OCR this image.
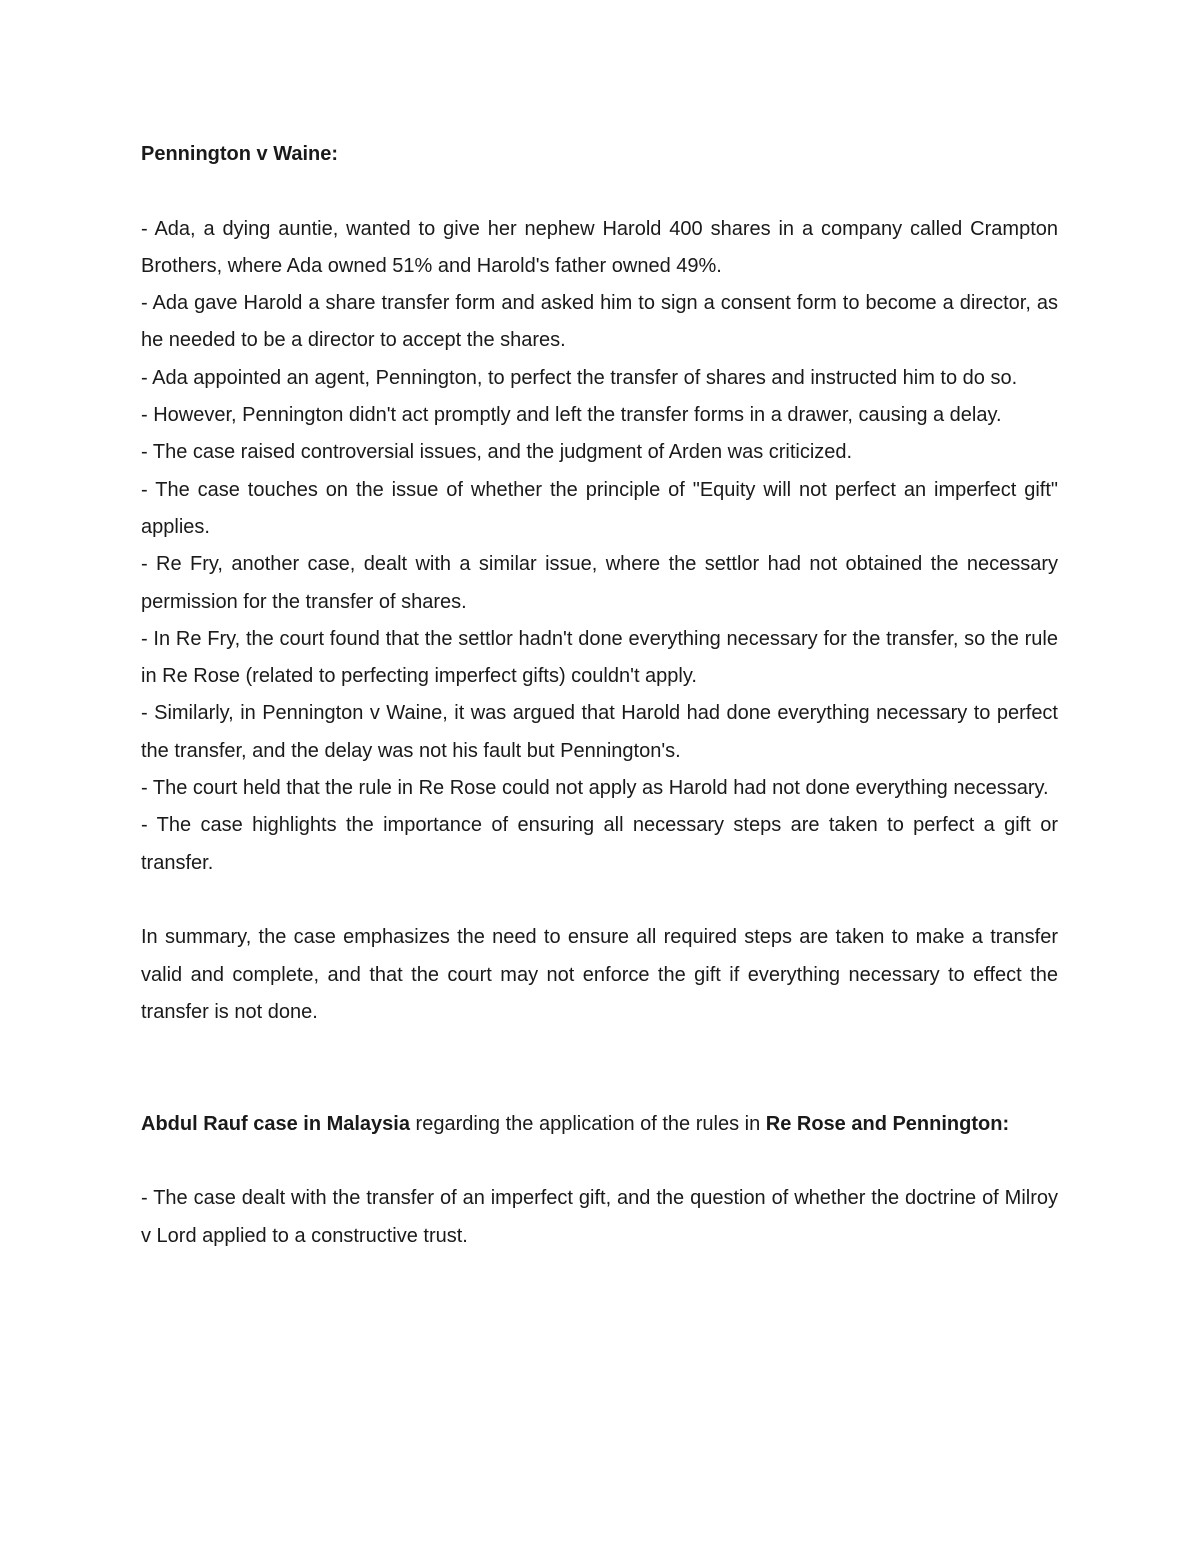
Pennington v Waine:

- Ada, a dying auntie, wanted to give her nephew Harold 400 shares in a company called Crampton Brothers, where Ada owned 51% and Harold's father owned 49%.
- Ada gave Harold a share transfer form and asked him to sign a consent form to become a director, as he needed to be a director to accept the shares.
- Ada appointed an agent, Pennington, to perfect the transfer of shares and instructed him to do so.
- However, Pennington didn't act promptly and left the transfer forms in a drawer, causing a delay.
- The case raised controversial issues, and the judgment of Arden was criticized.
- The case touches on the issue of whether the principle of "Equity will not perfect an imperfect gift" applies.
- Re Fry, another case, dealt with a similar issue, where the settlor had not obtained the necessary permission for the transfer of shares.
- In Re Fry, the court found that the settlor hadn't done everything necessary for the transfer, so the rule in Re Rose (related to perfecting imperfect gifts) couldn't apply.
- Similarly, in Pennington v Waine, it was argued that Harold had done everything necessary to perfect the transfer, and the delay was not his fault but Pennington's.
- The court held that the rule in Re Rose could not apply as Harold had not done everything necessary.
- The case highlights the importance of ensuring all necessary steps are taken to perfect a gift or transfer.

In summary, the case emphasizes the need to ensure all required steps are taken to make a transfer valid and complete, and that the court may not enforce the gift if everything necessary to effect the transfer is not done.

Abdul Rauf case in Malaysia regarding the application of the rules in Re Rose and Pennington:

- The case dealt with the transfer of an imperfect gift, and the question of whether the doctrine of Milroy v Lord applied to a constructive trust.
